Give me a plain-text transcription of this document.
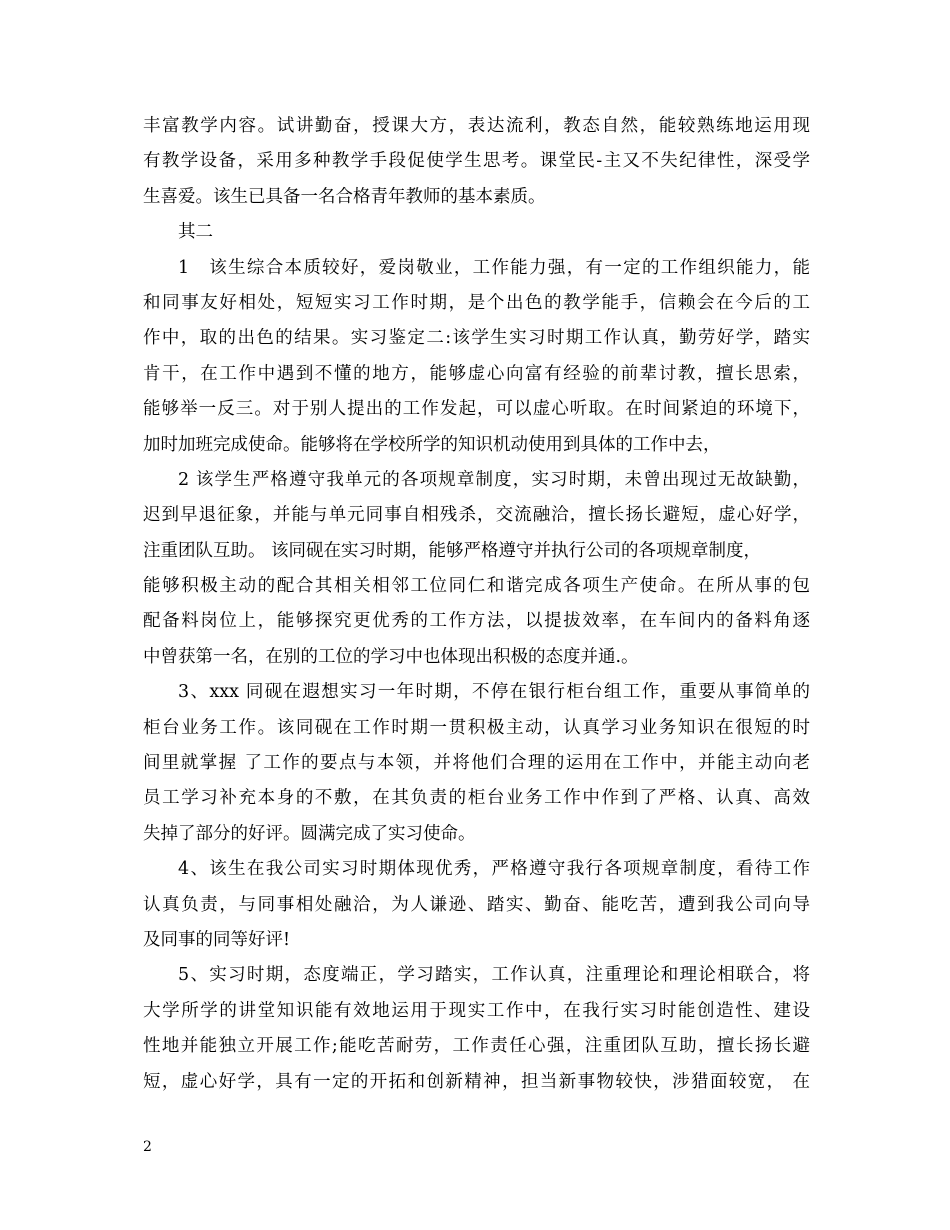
丰富教学内容。试讲勤奋，授课大方，表达流利，教态自然，能较熟练地运用现
有教学设备，采用多种教学手段促使学生思考。课堂民-主又不失纪律性，深受学
生喜爱。该生已具备一名合格青年教师的基本素质。
其二
1　该生综合本质较好，爱岗敬业，工作能力强，有一定的工作组织能力，能
和同事友好相处，短短实习工作时期，是个出色的教学能手，信赖会在今后的工
作中，取的出色的结果。实习鉴定二:该学生实习时期工作认真，勤劳好学，踏实
肯干，在工作中遇到不懂的地方，能够虚心向富有经验的前辈讨教，擅长思索，
能够举一反三。对于别人提出的工作发起，可以虚心听取。在时间紧迫的环境下，
加时加班完成使命。能够将在学校所学的知识机动使用到具体的工作中去，
2 该学生严格遵守我单元的各项规章制度，实习时期，未曾出现过无故缺勤，
迟到早退征象，并能与单元同事自相残杀，交流融洽，擅长扬长避短，虚心好学，
注重团队互助。 该同砚在实习时期，能够严格遵守并执行公司的各项规章制度，
能够积极主动的配合其相关相邻工位同仁和谐完成各项生产使命。在所从事的包
配备料岗位上，能够探究更优秀的工作方法，以提拔效率，在车间内的备料角逐
中曾获第一名，在别的工位的学习中也体现出积极的态度并通.。
3、xxx 同砚在遐想实习一年时期，不停在银行柜台组工作，重要从事简单的
柜台业务工作。该同砚在工作时期一贯积极主动，认真学习业务知识在很短的时
间里就掌握 了工作的要点与本领，并将他们合理的运用在工作中，并能主动向老
员工学习补充本身的不敷，在其负责的柜台业务工作中作到了严格、认真、高效
失掉了部分的好评。圆满完成了实习使命。
4、该生在我公司实习时期体现优秀，严格遵守我行各项规章制度，看待工作
认真负责，与同事相处融洽，为人谦逊、踏实、勤奋、能吃苦，遭到我公司向导
及同事的同等好评!
5、实习时期，态度端正，学习踏实，工作认真，注重理论和理论相联合，将
大学所学的讲堂知识能有效地运用于现实工作中，在我行实习时能创造性、建设
性地并能独立开展工作;能吃苦耐劳，工作责任心强，注重团队互助，擅长扬长避
短，虚心好学，具有一定的开拓和创新精神，担当新事物较快，涉猎面较宽， 在
2
